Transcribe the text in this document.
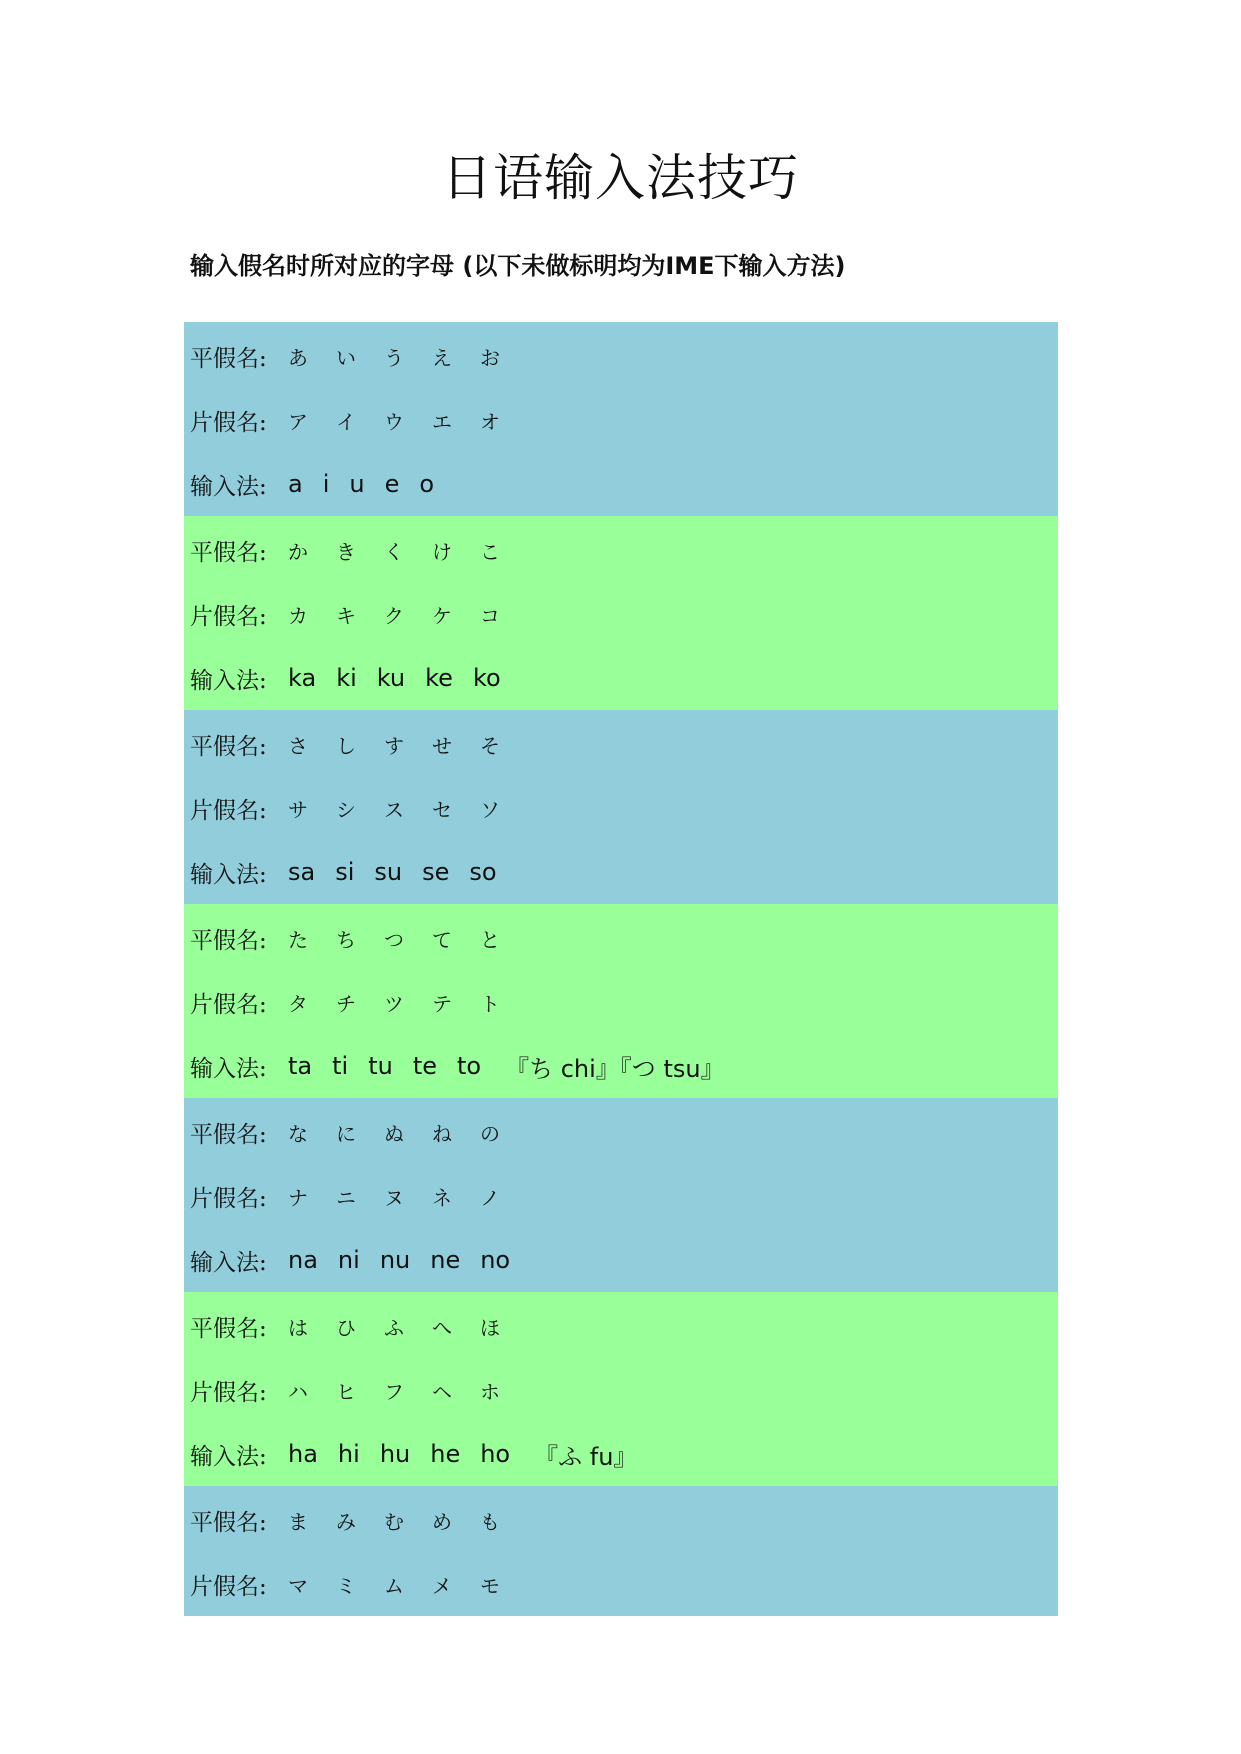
日语输入法技巧
输入假名时所对应的字母 (以下未做标明均为IME下输入方法)
平假名:	あ	い	う	え	お
片假名:	ア	イ	ウ	エ	オ
输入法: a i u e o
平假名:	か	き	く	け	こ
片假名:	カ	キ	ク	ケ	コ
输入法: ka ki ku ke ko
平假名:	さ	し	す	せ	そ
片假名:	サ	シ	ス	セ	ソ
输入法: sa si su se so
平假名:	た	ち	つ	て	と
片假名:	タ	チ	ツ	テ	ト
输入法: ta ti tu te to 『ち chi』『つ tsu』
平假名:	な	に	ぬ	ね	の
片假名:	ナ	ニ	ヌ	ネ	ノ
输入法: na ni nu ne no
平假名:	は	ひ	ふ	へ	ほ
片假名:	ハ	ヒ	フ	ヘ	ホ
输入法: ha hi hu he ho 『ふ fu』
平假名:	ま	み	む	め	も
片假名:	マ	ミ	ム	メ	モ
